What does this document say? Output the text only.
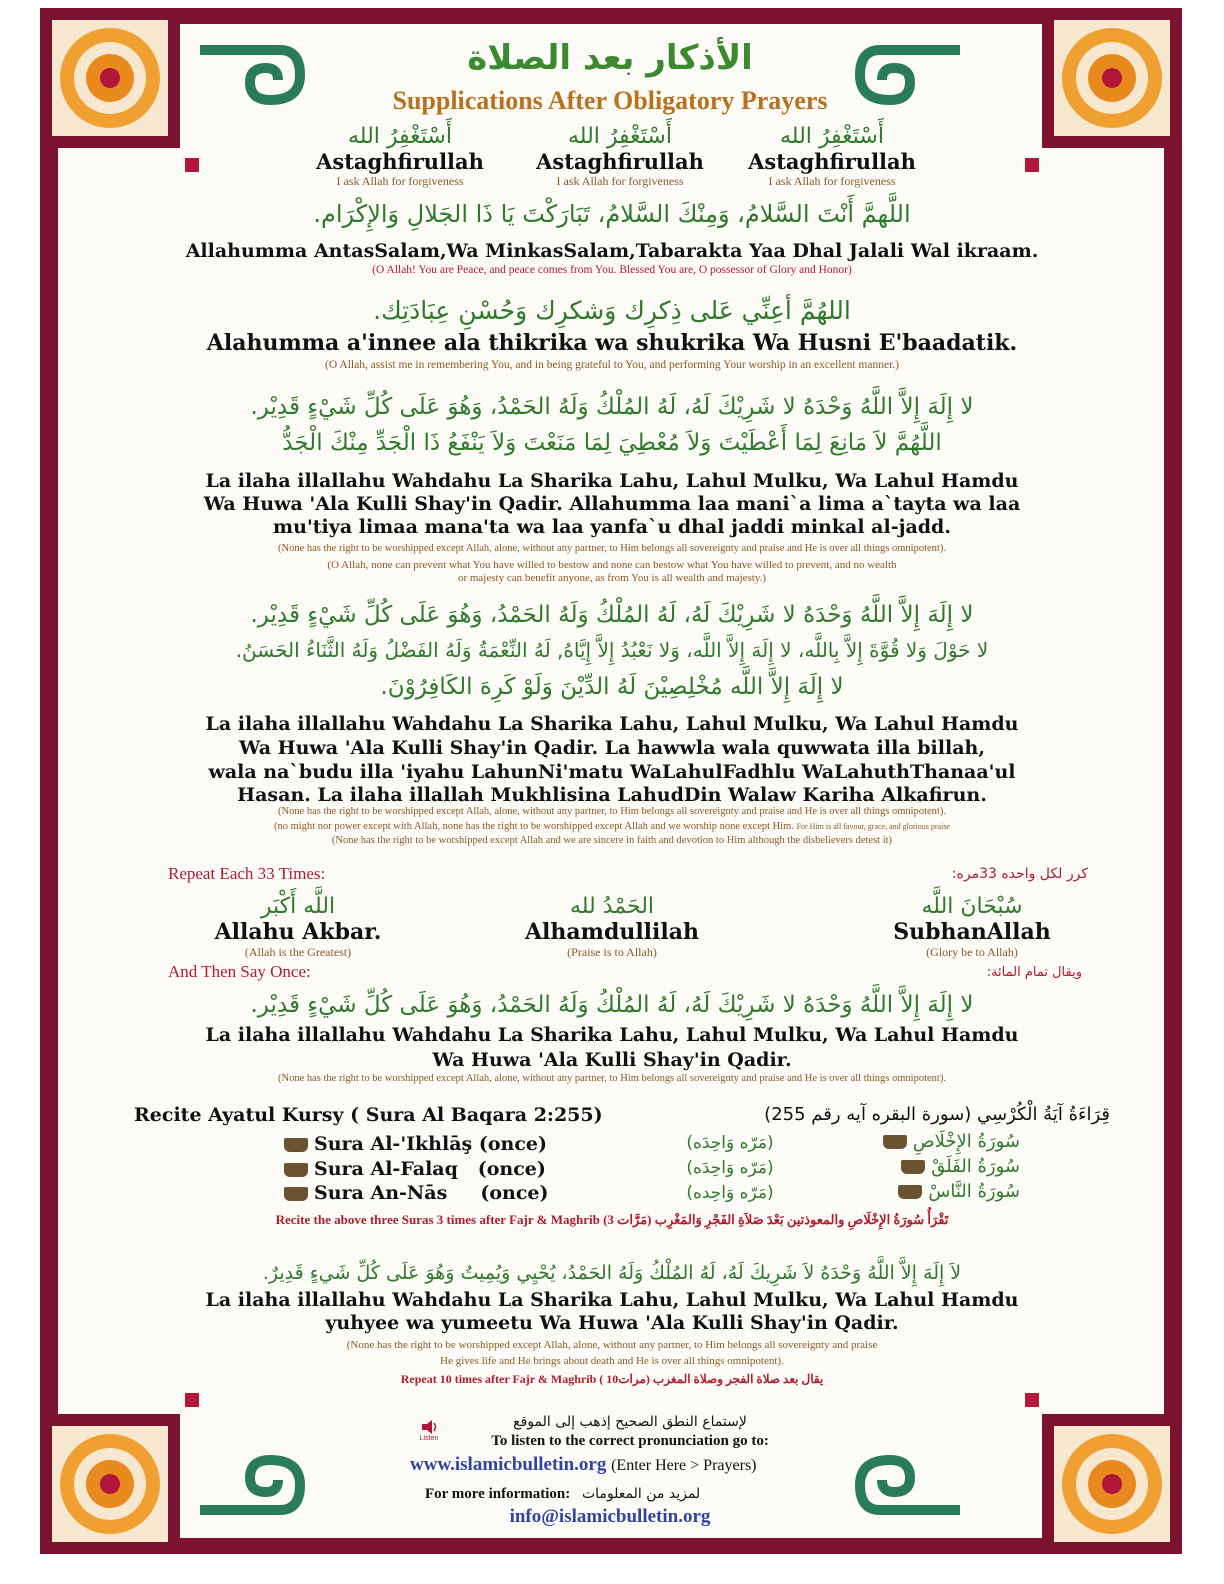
الأذكار بعد الصلاة
Supplications After Obligatory Prayers
أَسْتَغْفِرُ الله
Astaghfirullah
I ask Allah for forgiveness
أَسْتَغْفِرُ الله
Astaghfirullah
I ask Allah for forgiveness
أَسْتَغْفِرُ الله
Astaghfirullah
I ask Allah for forgiveness
اللَّهمَّ أَنْتَ السَّلامُ، وَمِنْكَ السَّلامُ، تَبَارَكْتَ يَا ذَا الجَلالِ وَالإِكْرَام.
Allahumma AntasSalam,Wa MinkasSalam,Tabarakta Yaa Dhal Jalali Wal ikraam.
(O Allah! You are Peace, and peace comes from You. Blessed You are, O possessor of Glory and Honor)
اللهُمَّ أعِنِّي عَلى ذِكرِك وَشكرِك وَحُسْنِ عِبَادَتِك.
Alahumma a'innee ala thikrika wa shukrika Wa Husni E'baadatik.
(O Allah, assist me in remembering You, and in being grateful to You, and performing Your worship in an excellent manner.)
لا إِلَهَ إِلاَّ اللَّهُ وَحْدَهُ لا شَرِيْكَ لَهُ، لَهُ المُلْكُ وَلَهُ الحَمْدُ، وَهُوَ عَلَى كُلِّ شَيْءٍ قَدِيْر.
اللَّهُمَّ لاَ مَانِعَ لِمَا أَعْطَيْتَ وَلاَ مُعْطِيَ لِمَا مَنَعْتَ وَلاَ يَنْفَعُ ذَا الْجَدِّ مِنْكَ الْجَدُّ
La ilaha illallahu Wahdahu La Sharika Lahu, Lahul Mulku, Wa Lahul Hamdu
Wa Huwa 'Ala Kulli Shay'in Qadir. Allahumma laa mani`a lima a`tayta wa laa
mu'tiya limaa mana'ta wa laa yanfa`u dhal jaddi minkal al-jadd.
(None has the right to be worshipped except Allah, alone, without any partner, to Him belongs all sovereignty and praise and He is over all things omnipotent).
(O Allah, none can prevent what You have willed to bestow and none can bestow what You have willed to prevent, and no wealth
or majesty can benefit anyone, as from You is all wealth and majesty.)
لا إِلَهَ إِلاَّ اللَّهُ وَحْدَهُ لا شَرِيْكَ لَهُ، لَهُ المُلْكُ وَلَهُ الحَمْدُ، وَهُوَ عَلَى كُلِّ شَيْءٍ قَدِيْر.
لا حَوْلَ وَلا قُوَّةَ إِلاَّ بِاللَّه، لا إِلَهَ إِلاَّ اللَّه، وَلا نَعْبُدُ إِلاَّ إِيَّاهُ, لَهُ النِّعْمَةُ وَلَهُ الفَضْلُ وَلَهُ الثَّنَاءُ الحَسَنُ.
لا إِلَهَ إِلاَّ اللَّه مُخْلِصِيْنَ لَهُ الدِّيْنَ وَلَوْ كَرِهَ الكَافِرُوْنَ.
La ilaha illallahu Wahdahu La Sharika Lahu, Lahul Mulku, Wa Lahul Hamdu
Wa Huwa 'Ala Kulli Shay'in Qadir. La hawwla wala quwwata illa billah,
wala na`budu illa 'iyahu LahunNi'matu WaLahulFadhlu WaLahuthThanaa'ul
Hasan. La ilaha illallah Mukhlisina LahudDin Walaw Kariha Alkafirun.
(None has the right to be worshipped except Allah, alone, without any partner, to Him belongs all sovereignty and praise and He is over all things omnipotent).
(no might nor power except with Allah, none has the right to be worshipped except Allah and we worship none except Him. For Him is all favour, grace, and glorious praise
(None has the right to be worshipped except Allah and we are sincere in faith and devotion to Him although the disbelievers detest it)
Repeat Each 33 Times:	كرر لكل واحده 33مره:
اللَّه أَكْبَر
Allahu Akbar.
(Allah is the Greatest)
الحَمْدُ لله
Alhamdullilah
(Praise is to Allah)
سُبْحَانَ اللَّه
SubhanAllah
(Glory be to Allah)
And Then Say Once:	ويقال تمام المائة:
لا إِلَهَ إِلاَّ اللَّهُ وَحْدَهُ لا شَرِيْكَ لَهُ، لَهُ المُلْكُ وَلَهُ الحَمْدُ، وَهُوَ عَلَى كُلِّ شَيْءٍ قَدِيْر.
La ilaha illallahu Wahdahu La Sharika Lahu, Lahul Mulku, Wa Lahul Hamdu
Wa Huwa 'Ala Kulli Shay'in Qadir.
(None has the right to be worshipped except Allah, alone, without any partner, to Him belongs all sovereignty and praise and He is over all things omnipotent).
Recite Ayatul Kursy ( Sura Al Baqara 2:255)	قِرَاءَةُ آيَةُ الْكُرْسِي (سورة البقره آيه رقم 255)
Sura Al-'Ikhlāş (once)	(مَرّه وَاحِدَه)	سُورَةُ الإِخْلَاصِ
Sura Al-Falaq   (once)	(مَرّه وَاحِدَه)	سُورَةُ الفَلَقْ
Sura An-Nās     (once)	(مَرّه وَاحِده)	سُورَةُ النَّاسْ
Recite the above three Suras 3 times after Fajr & Maghrib (3 مَرَّات) تَقْرَأُ سُورَةُ الإِخْلَاصِ والمعوذتين بَعْدَ صَلاَةِ الفَجْرِ وَالمَغْرِب
لاَ إِلَهَ إِلاَّ اللَّهُ وَحْدَهُ لاَ شَرِيكَ لَهُ، لَهُ المُلْكُ وَلَهُ الحَمْدُ، يُحْيِي وَيُمِيتُ وَهُوَ عَلَى كُلِّ شَيءٍ قَدِيرٌ.
La ilaha illallahu Wahdahu La Sharika Lahu, Lahul Mulku, Wa Lahul Hamdu
yuhyee wa yumeetu Wa Huwa 'Ala Kulli Shay'in Qadir.
(None has the right to be worshipped except Allah, alone, without any partner, to Him belongs all sovereignty and praise
He gives life and He brings about death and He is over all things omnipotent).
Repeat 10 times after Fajr & Maghrib ( 10مرات) يقال بعد صلاة الفجر وصلاة المغرب
Listen
لإستماع النطق الصحيح إذهب إلى الموقع
To listen to the correct pronunciation go to:
www.islamicbulletin.org (Enter Here > Prayers)
For more information: لمزيد من المعلومات
info@islamicbulletin.org
